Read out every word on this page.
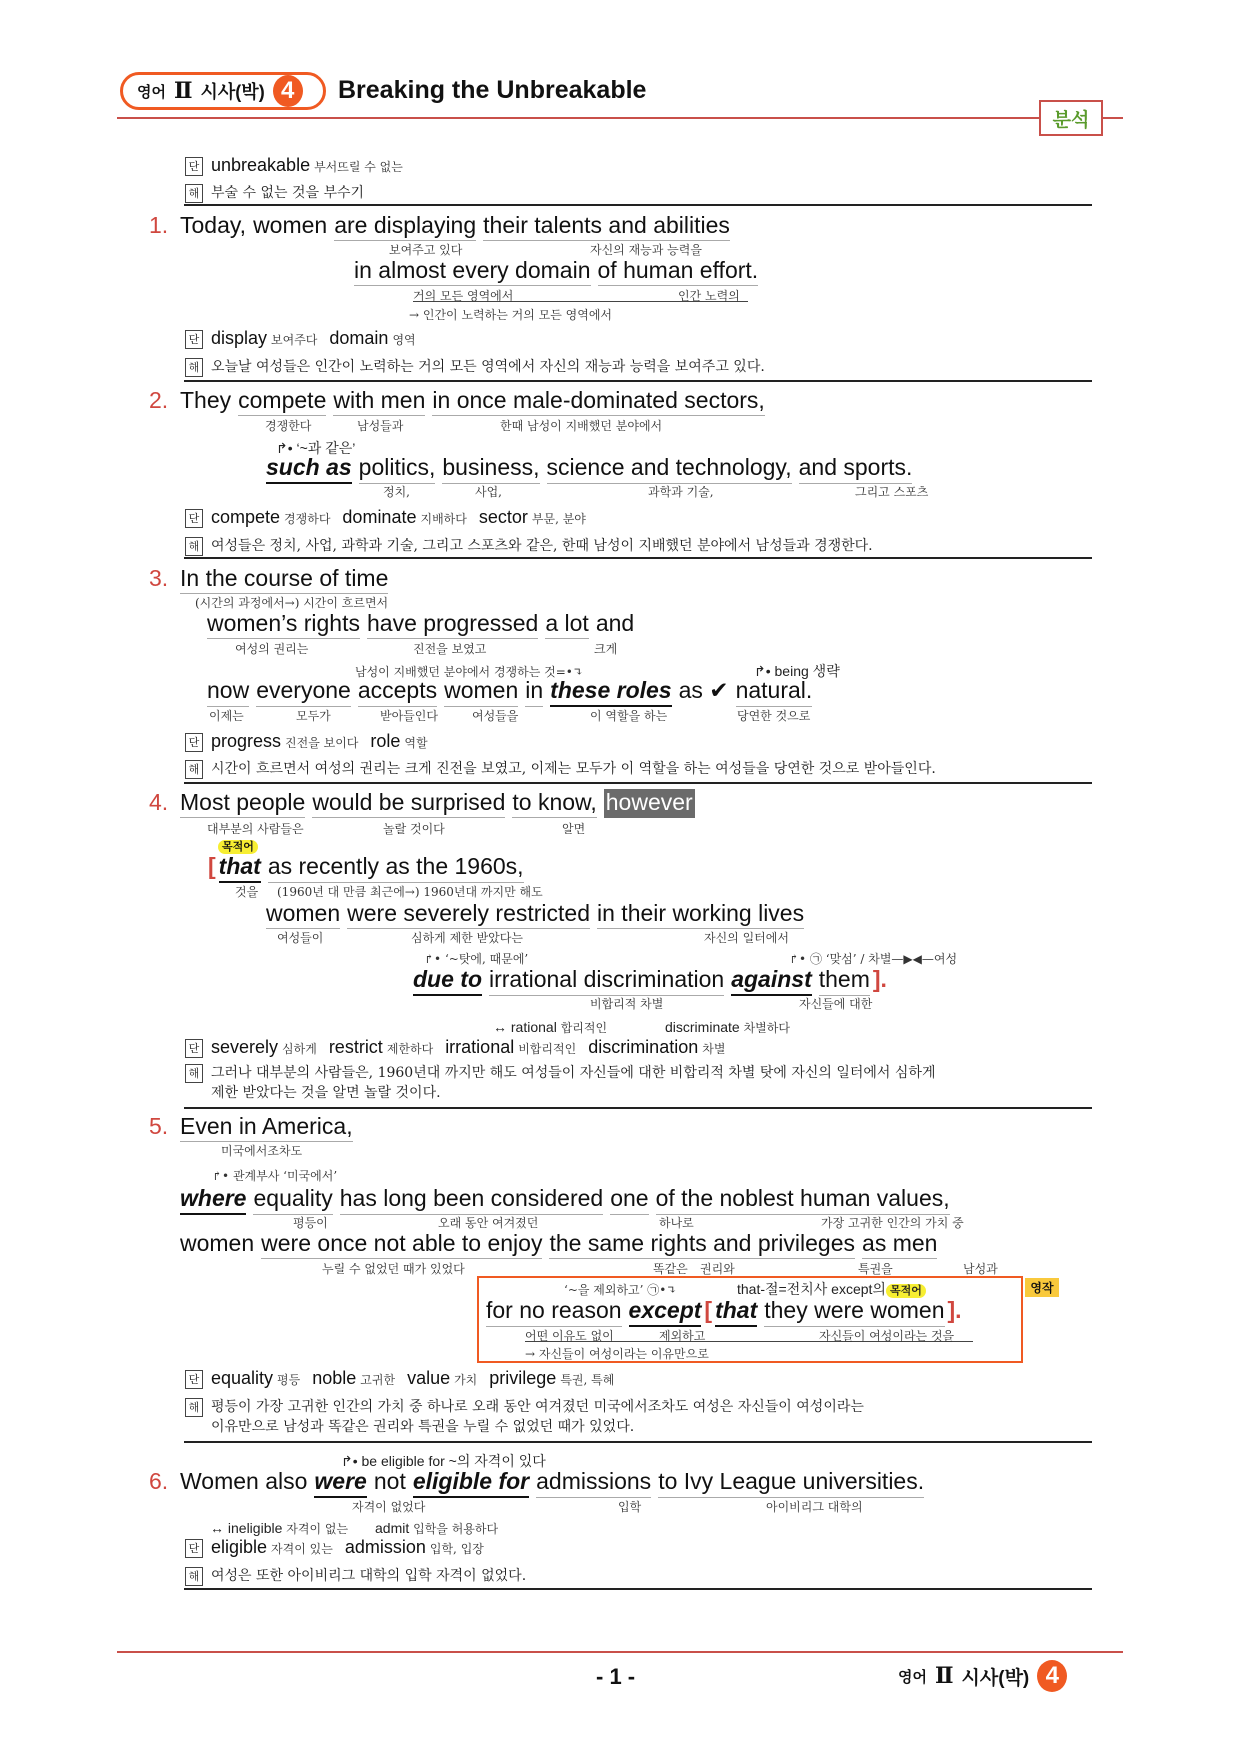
영어 Ⅱ 시사(박) 4	Breaking the Unbreakable
분석
단 unbreakable 부서뜨릴 수 없는
해 부술 수 없는 것을 부수기
1. Today, women are displaying their talents and abilities
보여주고 있다	자신의 재능과 능력을
in almost every domain of human effort.
거의 모든 영역에서	인간 노력의
→ 인간이 노력하는 거의 모든 영역에서
단 display 보여주다 domain 영역
해 오늘날 여성들은 인간이 노력하는 거의 모든 영역에서 자신의 재능과 능력을 보여주고 있다.
2. They compete with men in once male-dominated sectors,
경쟁한다	남성들과	한때 남성이 지배했던 분야에서
↱• ‘~과 같은’
such as politics, business, science and technology, and sports.
정치,	사업,	과학과 기술,	그리고 스포츠
단 compete 경쟁하다 dominate 지배하다 sector 부문, 분야
해 여성들은 정치, 사업, 과학과 기술, 그리고 스포츠와 같은, 한때 남성이 지배했던 분야에서 남성들과 경쟁한다.
3. In the course of time
(시간의 과정에서→) 시간이 흐르면서
women’s rights have progressed a lot and
여성의 권리는	진전을 보였고	크게
남성이 지배했던 분야에서 경쟁하는 것=•↴	↱• being 생략
now everyone accepts women in these roles as ✔ natural.
이제는	모두가	받아들인다	여성들을	이 역할을 하는	당연한 것으로
단 progress 진전을 보이다 role 역할
해 시간이 흐르면서 여성의 권리는 크게 진전을 보였고, 이제는 모두가 이 역할을 하는 여성들을 당연한 것으로 받아들인다.
4. Most people would be surprised to know, however
대부분의 사람들은	놀랄 것이다	알면
목적어
[ that as recently as the 1960s,
것을 (1960년 대 만큼 최근에→) 1960년대 까지만 해도
women were severely restricted in their working lives
여성들이	심하게 제한 받았다는	자신의 일터에서
↱• ‘~탓에, 때문에’	↱• ㉠ ‘맞섬’ / 차별—▶◀—여성
due to irrational discrimination against them ].
비합리적 차별	자신들에 대한
↔ rational 합리적인	discriminate 차별하다
단 severely 심하게 restrict 제한하다 irrational 비합리적인 discrimination 차별
해 그러나 대부분의 사람들은, 1960년대 까지만 해도 여성들이 자신들에 대한 비합리적 차별 탓에 자신의 일터에서 심하게
제한 받았다는 것을 알면 놀랄 것이다.
5. Even in America,
미국에서조차도
↱• 관계부사 ‘미국에서’
where equality has long been considered one of the noblest human values,
평등이	오래 동안 여겨졌던	하나로	가장 고귀한 인간의 가치 중
women were once not able to enjoy the same rights and privileges as men
누릴 수 없었던 때가 있었다	똑같은 권리와	특권을	남성과
영작
‘~을 제외하고’ ㉠•↴	that-절=전치사 except의 목적어
for no reason except [ that they were women ].
어떤 이유도 없이	제외하고	자신들이 여성이라는 것을
→ 자신들이 여성이라는 이유만으로
단 equality 평등 noble 고귀한 value 가치 privilege 특권, 특혜
해 평등이 가장 고귀한 인간의 가치 중 하나로 오래 동안 여겨졌던 미국에서조차도 여성은 자신들이 여성이라는
이유만으로 남성과 똑같은 권리와 특권을 누릴 수 없었던 때가 있었다.
↱• be eligible for ~의 자격이 있다
6. Women also were not eligible for admissions to Ivy League universities.
자격이 없었다	입학	아이비리그 대학의
↔ ineligible 자격이 없는 admit 입학을 허용하다
단 eligible 자격이 있는 admission 입학, 입장
해 여성은 또한 아이비리그 대학의 입학 자격이 없었다.
- 1 -	영어 Ⅱ 시사(박) 4
